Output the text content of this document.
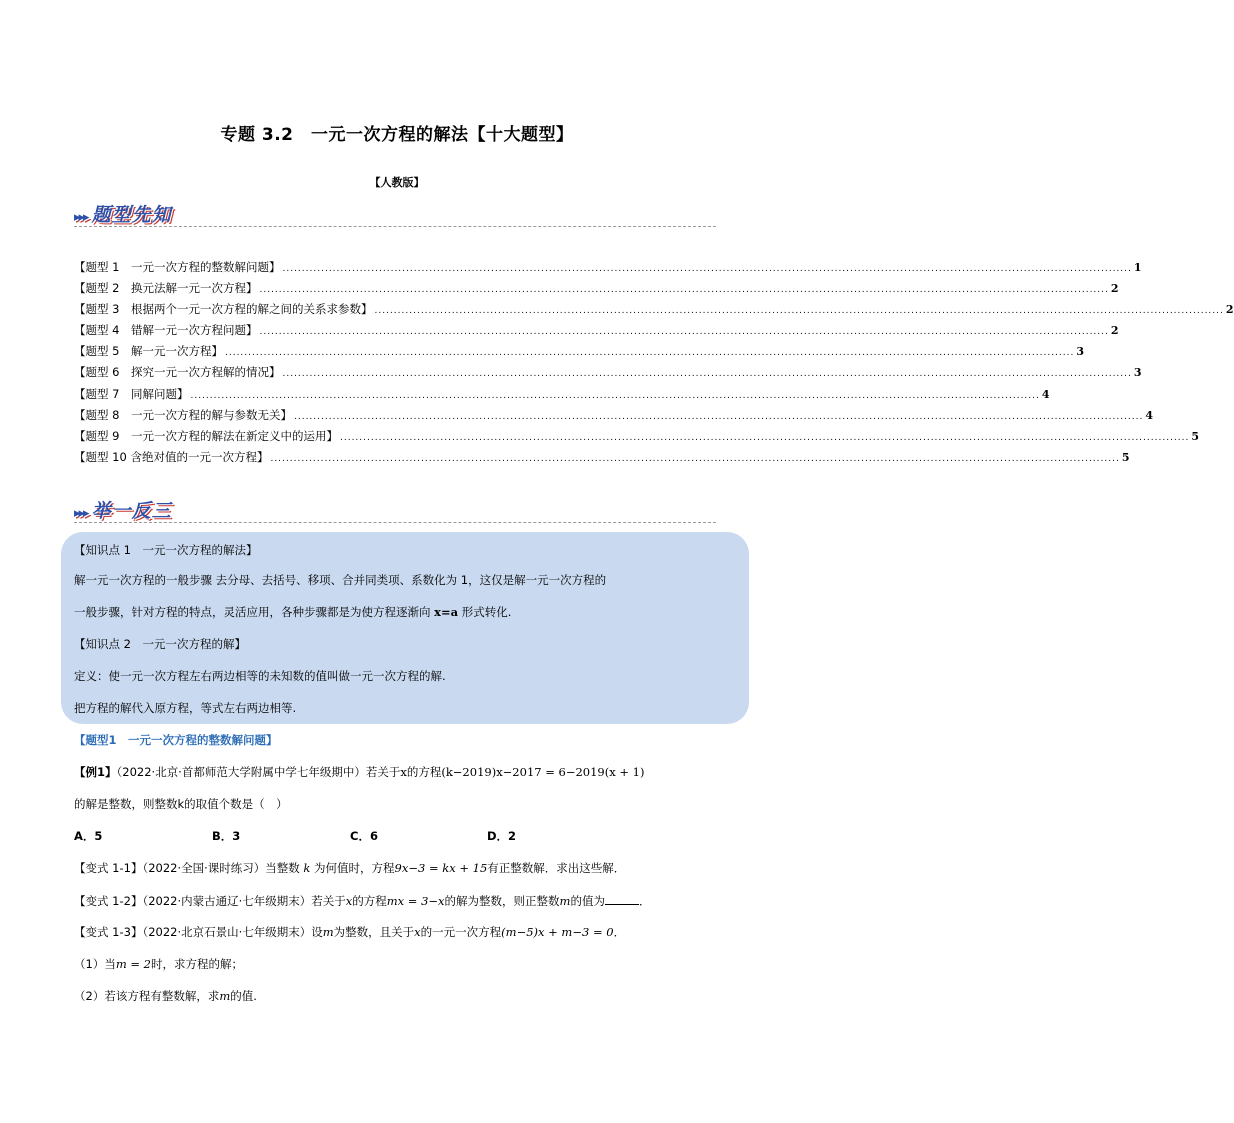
专题 3.2　一元一次方程的解法【十大题型】
【人教版】
▸▸▸ 题型先知
【题型 1　一元一次方程的整数解问题】 ............................................................................................................................................................................................................................ 1
【题型 2　换元法解一元一次方程】 ............................................................................................................................................................................................................................ 2
【题型 3　根据两个一元一次方程的解之间的关系求参数】 ............................................................................................................................................................................................................................ 2
【题型 4　错解一元一次方程问题】 ............................................................................................................................................................................................................................ 2
【题型 5　解一元一次方程】 ............................................................................................................................................................................................................................ 3
【题型 6　探究一元一次方程解的情况】 ............................................................................................................................................................................................................................ 3
【题型 7　同解问题】 ............................................................................................................................................................................................................................ 4
【题型 8　一元一次方程的解与参数无关】 ............................................................................................................................................................................................................................ 4
【题型 9　一元一次方程的解法在新定义中的运用】 ............................................................................................................................................................................................................................ 5
【题型 10 含绝对值的一元一次方程】 ............................................................................................................................................................................................................................ 5
▸▸▸ 举一反三
【知识点 1　一元一次方程的解法】
解一元一次方程的一般步骤 去分母、去括号、移项、合并同类项、系数化为 1，这仅是解一元一次方程的
一般步骤，针对方程的特点，灵活应用，各种步骤都是为使方程逐渐向 x=a 形式转化.
【知识点 2　一元一次方程的解】
定义：使一元一次方程左右两边相等的未知数的值叫做一元一次方程的解.
把方程的解代入原方程，等式左右两边相等.
【题型1　一元一次方程的整数解问题】
【例1】（2022·北京·首都师范大学附属中学七年级期中）若关于x的方程(k−2019)x−2017 = 6−2019(x + 1)
的解是整数，则整数k的取值个数是（　）
A．5	B．3	C．6	D．2
【变式 1-1】（2022·全国·课时练习）当整数 k 为何值时，方程9x−3 = kx + 15有正整数解．求出这些解．
【变式 1-2】（2022·内蒙古通辽·七年级期末）若关于x的方程mx = 3−x的解为整数，则正整数m的值为	．
【变式 1-3】（2022·北京石景山·七年级期末）设m为整数，且关于x的一元一次方程(m−5)x + m−3 = 0．
（1）当m = 2时，求方程的解；
（2）若该方程有整数解，求m的值.
